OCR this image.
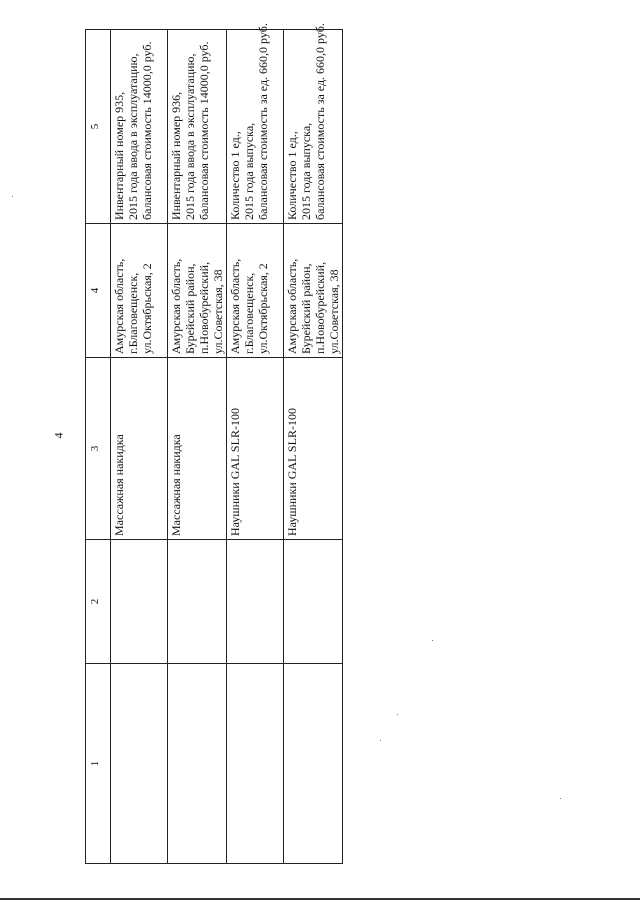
4
1	2	3	4	5
		Массажная накидка	Амурская область, г.Благовещенск, ул.Октябрьская, 2	Инвентарный номер 935, 2015 года ввода в эксплуатацию, балансовая стоимость 14000,0 руб.

		Массажная накидка	Амурская область, Бурейский район, п.Новобурейский, ул.Советская, 38	Инвентарный номер 936, 2015 года ввода в эксплуатацию, балансовая стоимость 14000,0 руб.

		Наушники GAL SLR-100	Амурская область, г.Благовещенск, ул.Октябрьская, 2	Количество 1 ед., 2015 года выпуска, балансовая стоимость за ед. 660,0 руб.

		Наушники GAL SLR-100	Амурская область, Бурейский район, п.Новобурейский, ул.Советская, 38	Количество 1 ед., 2015 года выпуска, балансовая стоимость за ед. 660,0 руб.
